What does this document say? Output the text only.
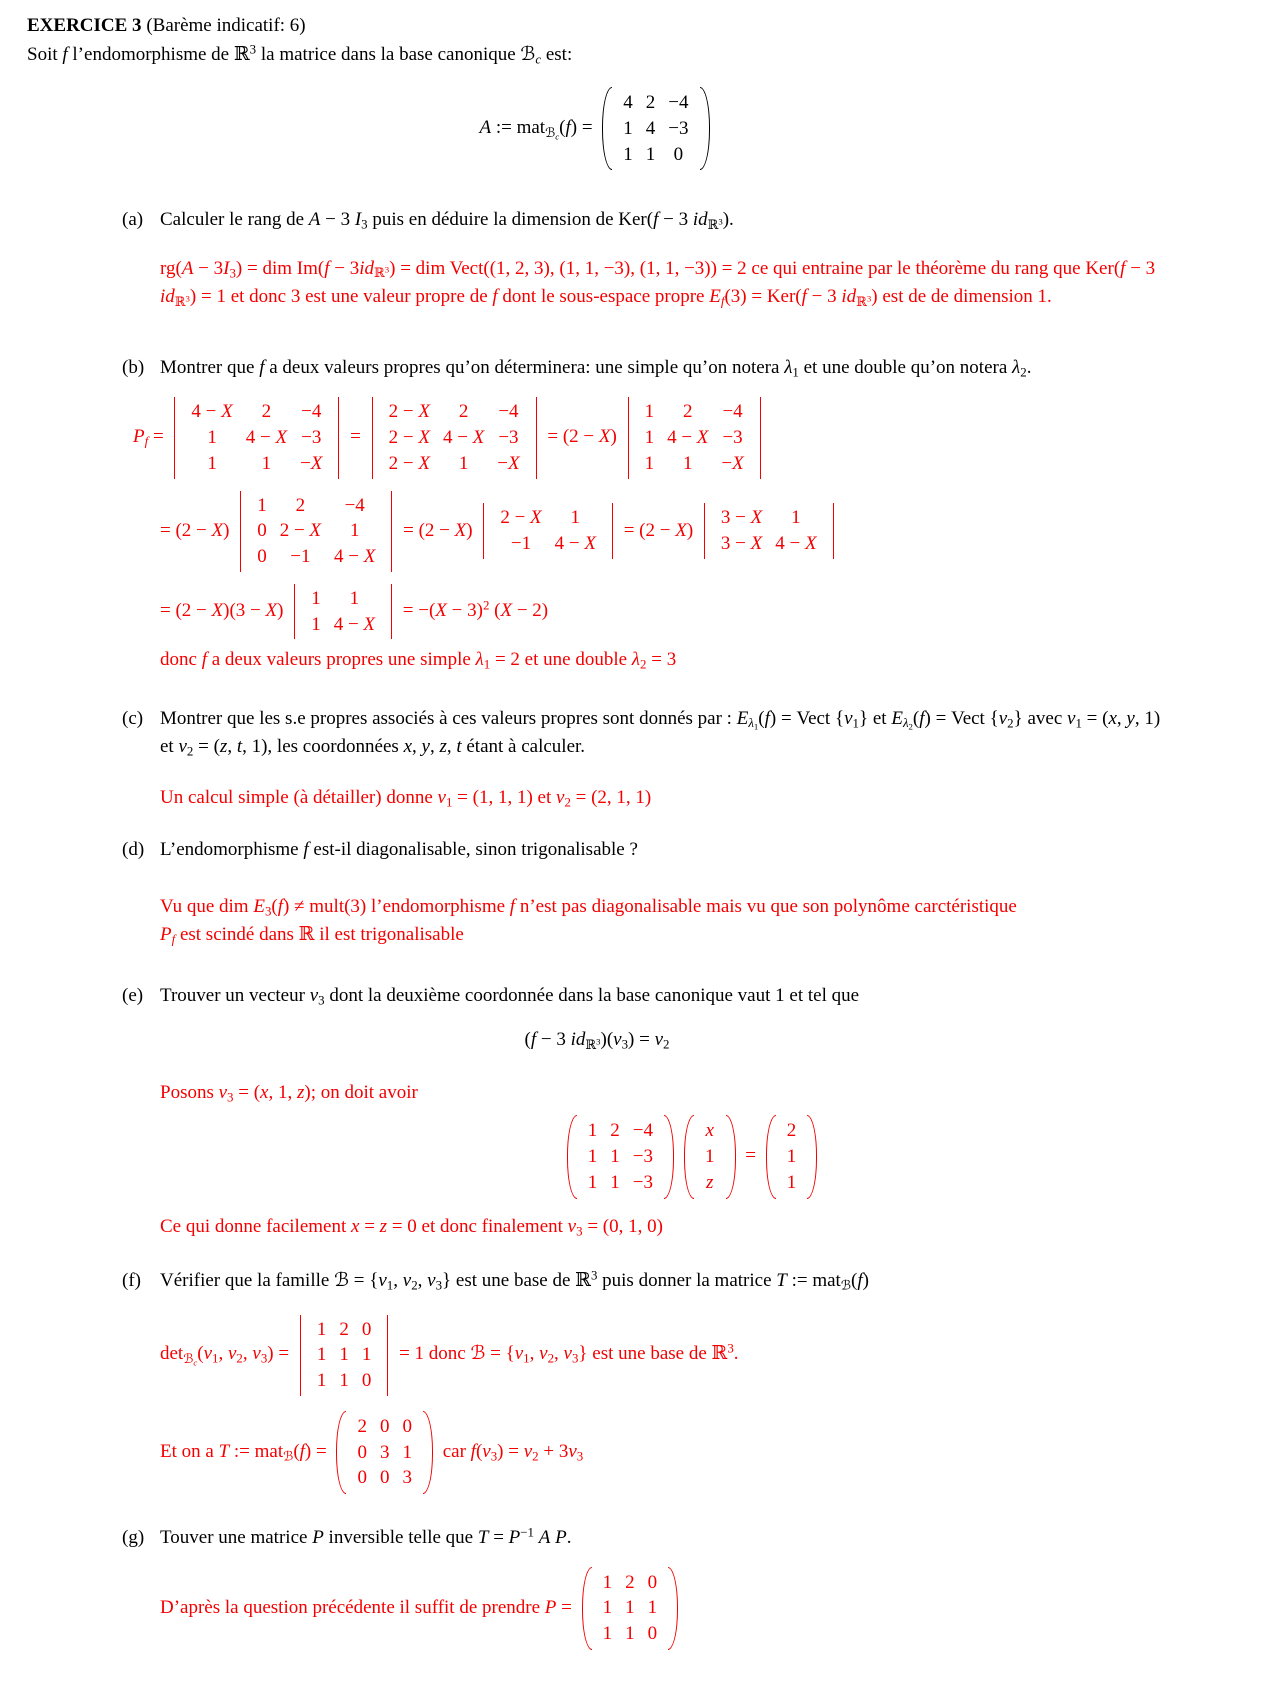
EXERCICE 3 (Barème indicatif: 6)
Soit f l’endomorphisme de ℝ$^3$ la matrice dans la base canonique ℬ$_c$ est:
A := mat$_{ℬ_c}$(f) = 4	2	−4
1	4	−3
1	1	0

(a) Calculer le rang de A − 3 $I_3$ puis en déduire la dimension de Ker(f − 3 $id_{ℝ^3}$).
$rg(A - 3I_3)$ = dim $Im(f - 3id_{ℝ^3})$ = dim Vect((1, 2, 3), (1, 1, −3), (1, 1, −3)) = 2 ce qui entraine par le théorème du rang que Ker(f − 3 $id_{ℝ^3}) = 1$ et donc 3 est une valeur propre de f dont le sous-espace propre $E_f(3) = Ker(f - 3$ $id_{ℝ^3}$) est de de dimension 1.
(b) Montrer que f a deux valeurs propres qu’on déterminera: une simple qu’on notera $\lambda_1$ et une double qu’on notera $\lambda_2$.
$P_f = 4 - X$	2	−4
1	4 − X	−3
1	1	−X
= 2 − X	2	−4
2 − X	4 − X	−3
2 − X	1	−X
= (2 − X) 1	2	−4
1	4 − X	−3
1	1	−X

= (2 − X) 1	2	−4
0	2 − X	1
0	−1	4 − X
= (2 − X) 2 − X	1
−1	4 − X
= (2 − X) 3 − X	1
3 − X	4 − X

= (2 − X)(3 − X) 1	1
1	4 − X
= $-(X - 3)^2$ (X − 2)
donc f a deux valeurs propres une simple $\lambda_1 = 2$ et une double $\lambda_2 = 3$
(c) Montrer que les s.e propres associés à ces valeurs propres sont donnés par : $E_{\lambda_1}(f)$ = Vect $\{v_1\}$ et $E_{\lambda_2}(f)$ = Vect $\{v_2\}$ avec $v_1 = (x$, y, 1) et $v_2 = (z$, t, 1), les coordonnées x, y, z, t étant à calculer.
Un calcul simple (à détailler) donne $v_1 = (1$, 1, 1) et $v_2 = (2$, 1, 1)
(d) L’endomorphisme f est-il diagonalisable, sinon trigonalisable ?
Vu que dim $E_3(f)$ ≠ mult(3) l’endomorphisme f n’est pas diagonalisable mais vu que son polynôme carctéristique
$P_f$ est scindé dans ℝ il est trigonalisable
(e) Trouver un vecteur $v_3$ dont la deuxième coordonnée dans la base canonique vaut 1 et tel que
(f − 3 $id_{ℝ^3})(v_3) = v_2$
Posons $v_3 = (x$, 1, z); on doit avoir
1	2	−4
1	1	−3
1	1	−3
x
1
z
= 2
1
1

Ce qui donne facilement x = z = 0 et donc finalement $v_3 = (0$, 1, 0)
(f) Vérifier que la famille ℬ = {$v_1$, $v_2$, $v_3$} est une base de ℝ$^3$ puis donner la matrice T := mat$_ℬ$(f)
$\det_{ℬ_c}(v_1$, $v_2$, $v_3) = 1$	2	0
1	1	1
1	1	0
= 1 donc ℬ = {$v_1$, $v_2$, $v_3$} est une base de ℝ$^3$.
Et on a T := mat$_ℬ$(f) = 2	0	0
0	3	1
0	0	3
car $f(v_3) = v_2 + 3v_3$
(g) Touver une matrice P inversible telle que $T = P^{-1}$ A P.
D’après la question précédente il suffit de prendre P = 1	2	0
1	1	1
1	1	0
